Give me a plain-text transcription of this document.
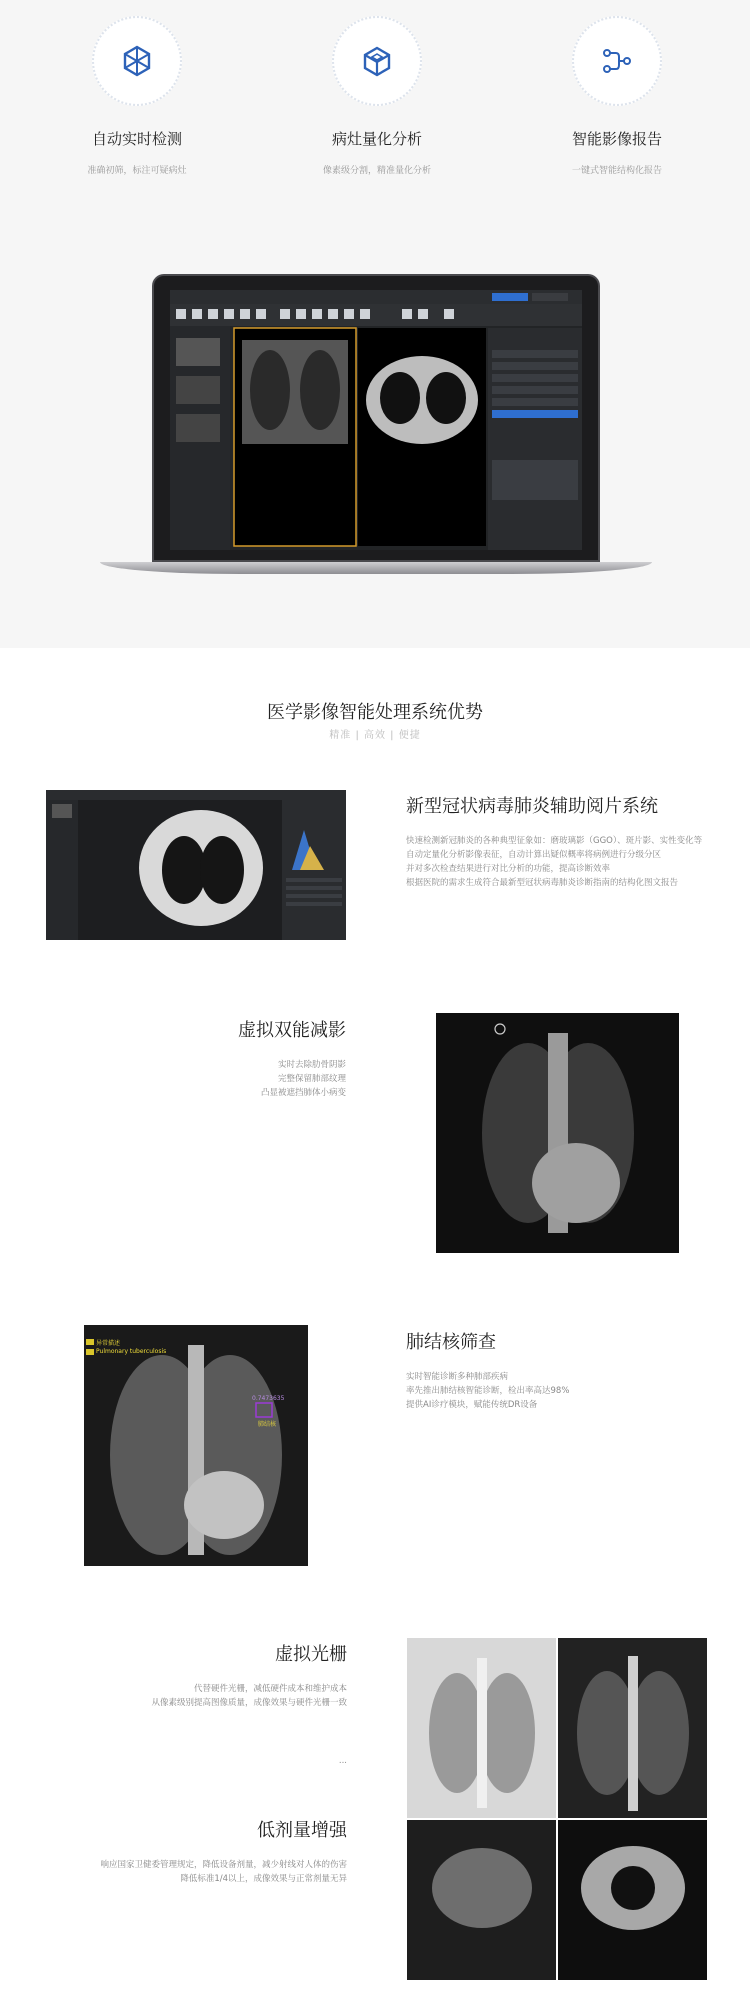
自动实时检测
准确初筛，标注可疑病灶
病灶量化分析
像素级分割，精准量化分析
智能影像报告
一键式智能结构化报告
医学影像智能处理系统优势
精准 | 高效 | 便捷
新型冠状病毒肺炎辅助阅片系统
快速检测新冠肺炎的各种典型征象如：磨玻璃影（GGO）、斑片影、实性变化等
自动定量化分析影像表征，自动计算出疑似概率将病例进行分级分区
并对多次检查结果进行对比分析的功能，提高诊断效率
根据医院的需求生成符合最新型冠状病毒肺炎诊断指南的结构化图文报告
虚拟双能减影
实时去除肋骨阴影
完整保留肺部纹理
凸显被遮挡肺体小病变
异常描述
Pulmonary tuberculosis
0.7473635
肺结核
肺结核筛查
实时智能诊断多种肺部疾病
率先推出肺结核智能诊断，检出率高达98%
提供AI诊疗模块，赋能传统DR设备
虚拟光栅
代替硬件光栅，减低硬件成本和维护成本
从像素级别提高图像质量，成像效果与硬件光栅一致
...
低剂量增强
响应国家卫健委管理规定，降低设备剂量，减少射线对人体的伤害
降低标准1/4以上，成像效果与正常剂量无异
